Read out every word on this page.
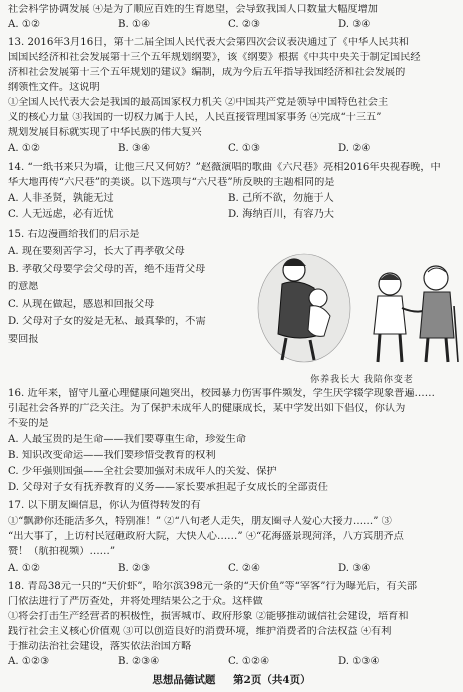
社会科学协调发展 ④是为了顺应百姓的生育愿望，会导致我国人口数量大幅度增加
A. ①②	B. ①④	C. ②③	D. ③④
13. 2016年3月16日，第十二届全国人民代表大会第四次会议表决通过了《中华人民共和
国国民经济和社会发展第十三个五年规划纲要》，该《纲要》根据《中共中央关于制定国民经
济和社会发展第十三个五年规划的建议》编制，成为今后五年指导我国经济和社会发展的
纲领性文件。这说明
①全国人民代表大会是我国的最高国家权力机关 ②中国共产党是领导中国特色社会主
义的核心力量 ③我国的一切权力属于人民，人民直接管理国家事务 ④完成“十三五”
规划发展目标就实现了中华民族的伟大复兴
A. ①②	B. ③④	C. ①③	D. ②④
14. “一纸书来只为墙，让他三尺又何妨？”赵薇演唱的歌曲《六尺巷》亮相2016年央视春晚，中
华大地再传“六尺巷”的美谈。以下选项与“六尺巷”所反映的主题相同的是
A. 人非圣贤，孰能无过	B. 己所不欲，勿施于人
C. 人无远虑，必有近忧	D. 海纳百川，有容乃大
15. 右边漫画给我们的启示是
A. 现在要刻苦学习，长大了再孝敬父母
B. 孝敬父母要学会父母的苦，绝不违背父母
的意愿
C. 从现在做起，感恩和回报父母
D. 父母对子女的爱是无私、最真挚的，不需
要回报
你养我长大 我陪你变老
16. 近年来，留守儿童心理健康问题突出，校园暴力伤害事件频发，学生厌学辍学现象普遍……
引起社会各界的广泛关注。为了保护未成年人的健康成长，某中学发出如下倡仪，你认为
不妥的是
A. 人最宝贵的是生命——我们要尊重生命，珍爱生命
B. 知识改变命运——我们要珍惜受教育的权利
C. 少年强则国强——全社会要加强对未成年人的关爱、保护
D. 父母对子女有抚养教育的义务——家长要承担起子女成长的全部责任
17. 以下朋友圈信息，你认为值得转发的有
①“飘渺你还能活多久，特别准！” ②“八旬老人走失，朋友圈寻人爱心大接力……” ③
“出大事了，上访村民冠砸政府大院，大快人心……” ④“花海盛景现菏泽，八方宾朋齐点
赞！（航拍视频）……”
A. ①②	B. ②③	C. ②④	D. ③④
18. 青岛38元一只的“天价虾”，哈尔滨398元一条的“天价鱼”等“宰客”行为曝光后，有关部
门依法进行了严厉查处，并将处理结果公之于众。这样做
①将会打击生产经营者的积极性，损害城市、政府形象 ②能够推动诚信社会建设，培育和
践行社会主义核心价值观 ③可以创造良好的消费环境，维护消费者的合法权益 ④有利
于推动法治社会建设，落实依法治国方略
A. ①②③	B. ②③④	C. ①②④	D. ①③④
思想品德试题 第2页（共4页）
